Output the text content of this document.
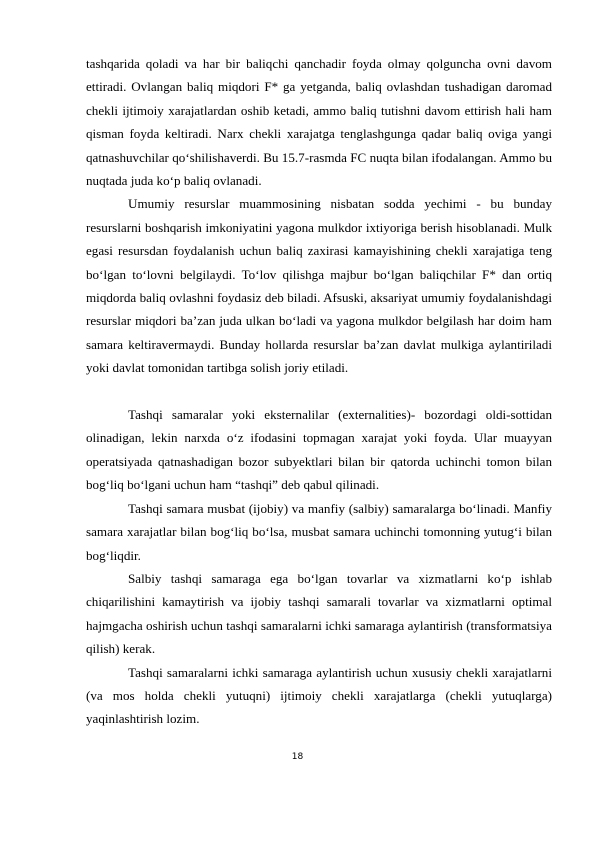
tashqarida qoladi va har bir baliqchi qanchadir foyda olmay qolguncha ovni davom ettiradi. Ovlangan baliq miqdori F* ga yetganda, baliq ovlashdan tushadigan daromad chekli ijtimoiy xarajatlardan oshib ketadi, ammo baliq tutishni davom ettirish hali ham qisman foyda keltiradi. Narx chekli xarajatga tenglashgunga qadar baliq oviga yangi qatnashuvchilar qo‘shilishaverdi. Bu 15.7-rasmda FC nuqta bilan ifodalangan. Ammo bu nuqtada juda ko‘p baliq ovlanadi.

Umumiy resurslar muammosining nisbatan sodda yechimi - bu bunday resurslarni boshqarish imkoniyatini yagona mulkdor ixtiyoriga berish hisoblanadi. Mulk egasi resursdan foydalanish uchun baliq zaxirasi kamayishining chekli xarajatiga teng bo‘lgan to‘lovni belgilaydi. To‘lov qilishga majbur bo‘lgan baliqchilar F* dan ortiq miqdorda baliq ovlashni foydasiz deb biladi. Afsuski, aksariyat umumiy foydalanishdagi resurslar miqdori ba’zan juda ulkan bo‘ladi va yagona mulkdor belgilash har doim ham samara keltiravermaydi. Bunday hollarda resurslar ba’zan davlat mulkiga aylantiriladi yoki davlat tomonidan tartibga solish joriy etiladi.

Tashqi samaralar yoki eksternalilar (externalities)- bozordagi oldi-sottidan olinadigan, lekin narxda o‘z ifodasini topmagan xarajat yoki foyda. Ular muayyan operatsiyada qatnashadigan bozor subyektlari bilan bir qatorda uchinchi tomon bilan bog‘liq bo‘lgani uchun ham “tashqi” deb qabul qilinadi.

Tashqi samara musbat (ijobiy) va manfiy (salbiy) samaralarga bo‘linadi. Manfiy samara xarajatlar bilan bog‘liq bo‘lsa, musbat samara uchinchi tomonning yutug‘i bilan bog‘liqdir.

Salbiy tashqi samaraga ega bo‘lgan tovarlar va xizmatlarni ko‘p ishlab chiqarilishini kamaytirish va ijobiy tashqi samarali tovarlar va xizmatlarni optimal hajmgacha oshirish uchun tashqi samaralarni ichki samaraga aylantirish (transformatsiya qilish) kerak.

Tashqi samaralarni ichki samaraga aylantirish uchun xususiy chekli xarajatlarni (va mos holda chekli yutuqni) ijtimoiy chekli xarajatlarga (chekli yutuqlarga) yaqinlashtirish lozim.

18
